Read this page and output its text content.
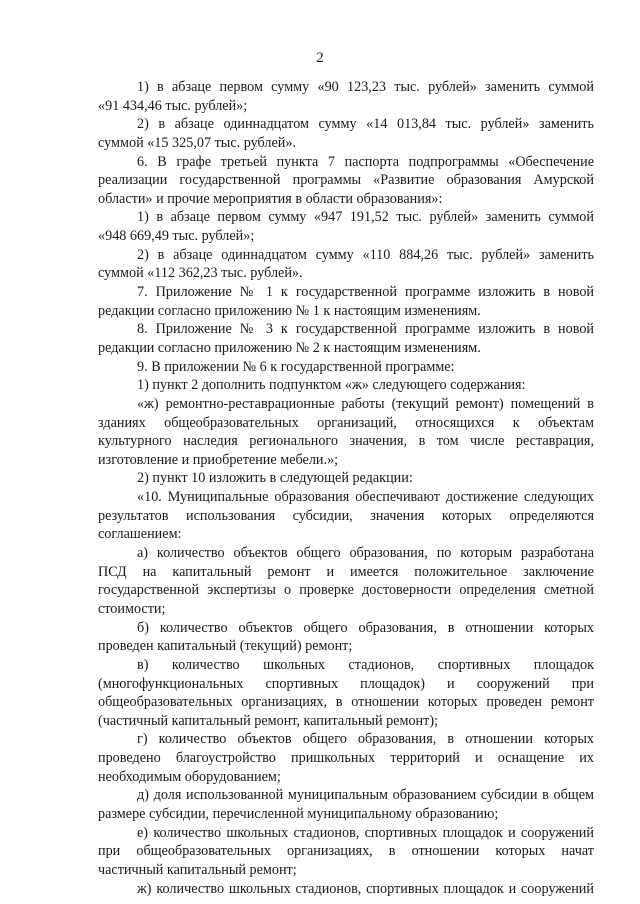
2
1) в абзаце первом сумму «90 123,23 тыс. рублей» заменить суммой
«91 434,46 тыс. рублей»;
2) в абзаце одиннадцатом сумму «14 013,84 тыс. рублей» заменить
суммой «15 325,07 тыс. рублей».
6. В графе третьей пункта 7 паспорта подпрограммы «Обеспечение
реализации государственной программы «Развитие образования Амурской
области» и прочие мероприятия в области образования»:
1) в абзаце первом сумму «947 191,52 тыс. рублей» заменить суммой
«948 669,49 тыс. рублей»;
2) в абзаце одиннадцатом сумму «110 884,26 тыс. рублей» заменить
суммой «112 362,23 тыс. рублей».
7. Приложение № 1 к государственной программе изложить в новой
редакции согласно приложению № 1 к настоящим изменениям.
8. Приложение № 3 к государственной программе изложить в новой
редакции согласно приложению № 2 к настоящим изменениям.
9. В приложении № 6 к государственной программе:
1) пункт 2 дополнить подпунктом «ж» следующего содержания:
«ж) ремонтно-реставрационные работы (текущий ремонт) помещений в
зданиях общеобразовательных организаций, относящихся к объектам
культурного наследия регионального значения, в том числе реставрация,
изготовление и приобретение мебели.»;
2) пункт 10 изложить в следующей редакции:
«10. Муниципальные образования обеспечивают достижение следующих
результатов использования субсидии, значения которых определяются
соглашением:
а) количество объектов общего образования, по которым разработана
ПСД на капитальный ремонт и имеется положительное заключение
государственной экспертизы о проверке достоверности определения сметной
стоимости;
б) количество объектов общего образования, в отношении которых
проведен капитальный (текущий) ремонт;
в) количество школьных стадионов, спортивных площадок
(многофункциональных спортивных площадок) и сооружений при
общеобразовательных организациях, в отношении которых проведен ремонт
(частичный капитальный ремонт, капитальный ремонт);
г) количество объектов общего образования, в отношении которых
проведено благоустройство пришкольных территорий и оснащение их
необходимым оборудованием;
д) доля использованной муниципальным образованием субсидии в общем
размере субсидии, перечисленной муниципальному образованию;
е) количество школьных стадионов, спортивных площадок и сооружений
при общеобразовательных организациях, в отношении которых начат
частичный капитальный ремонт;
ж) количество школьных стадионов, спортивных площадок и сооружений
